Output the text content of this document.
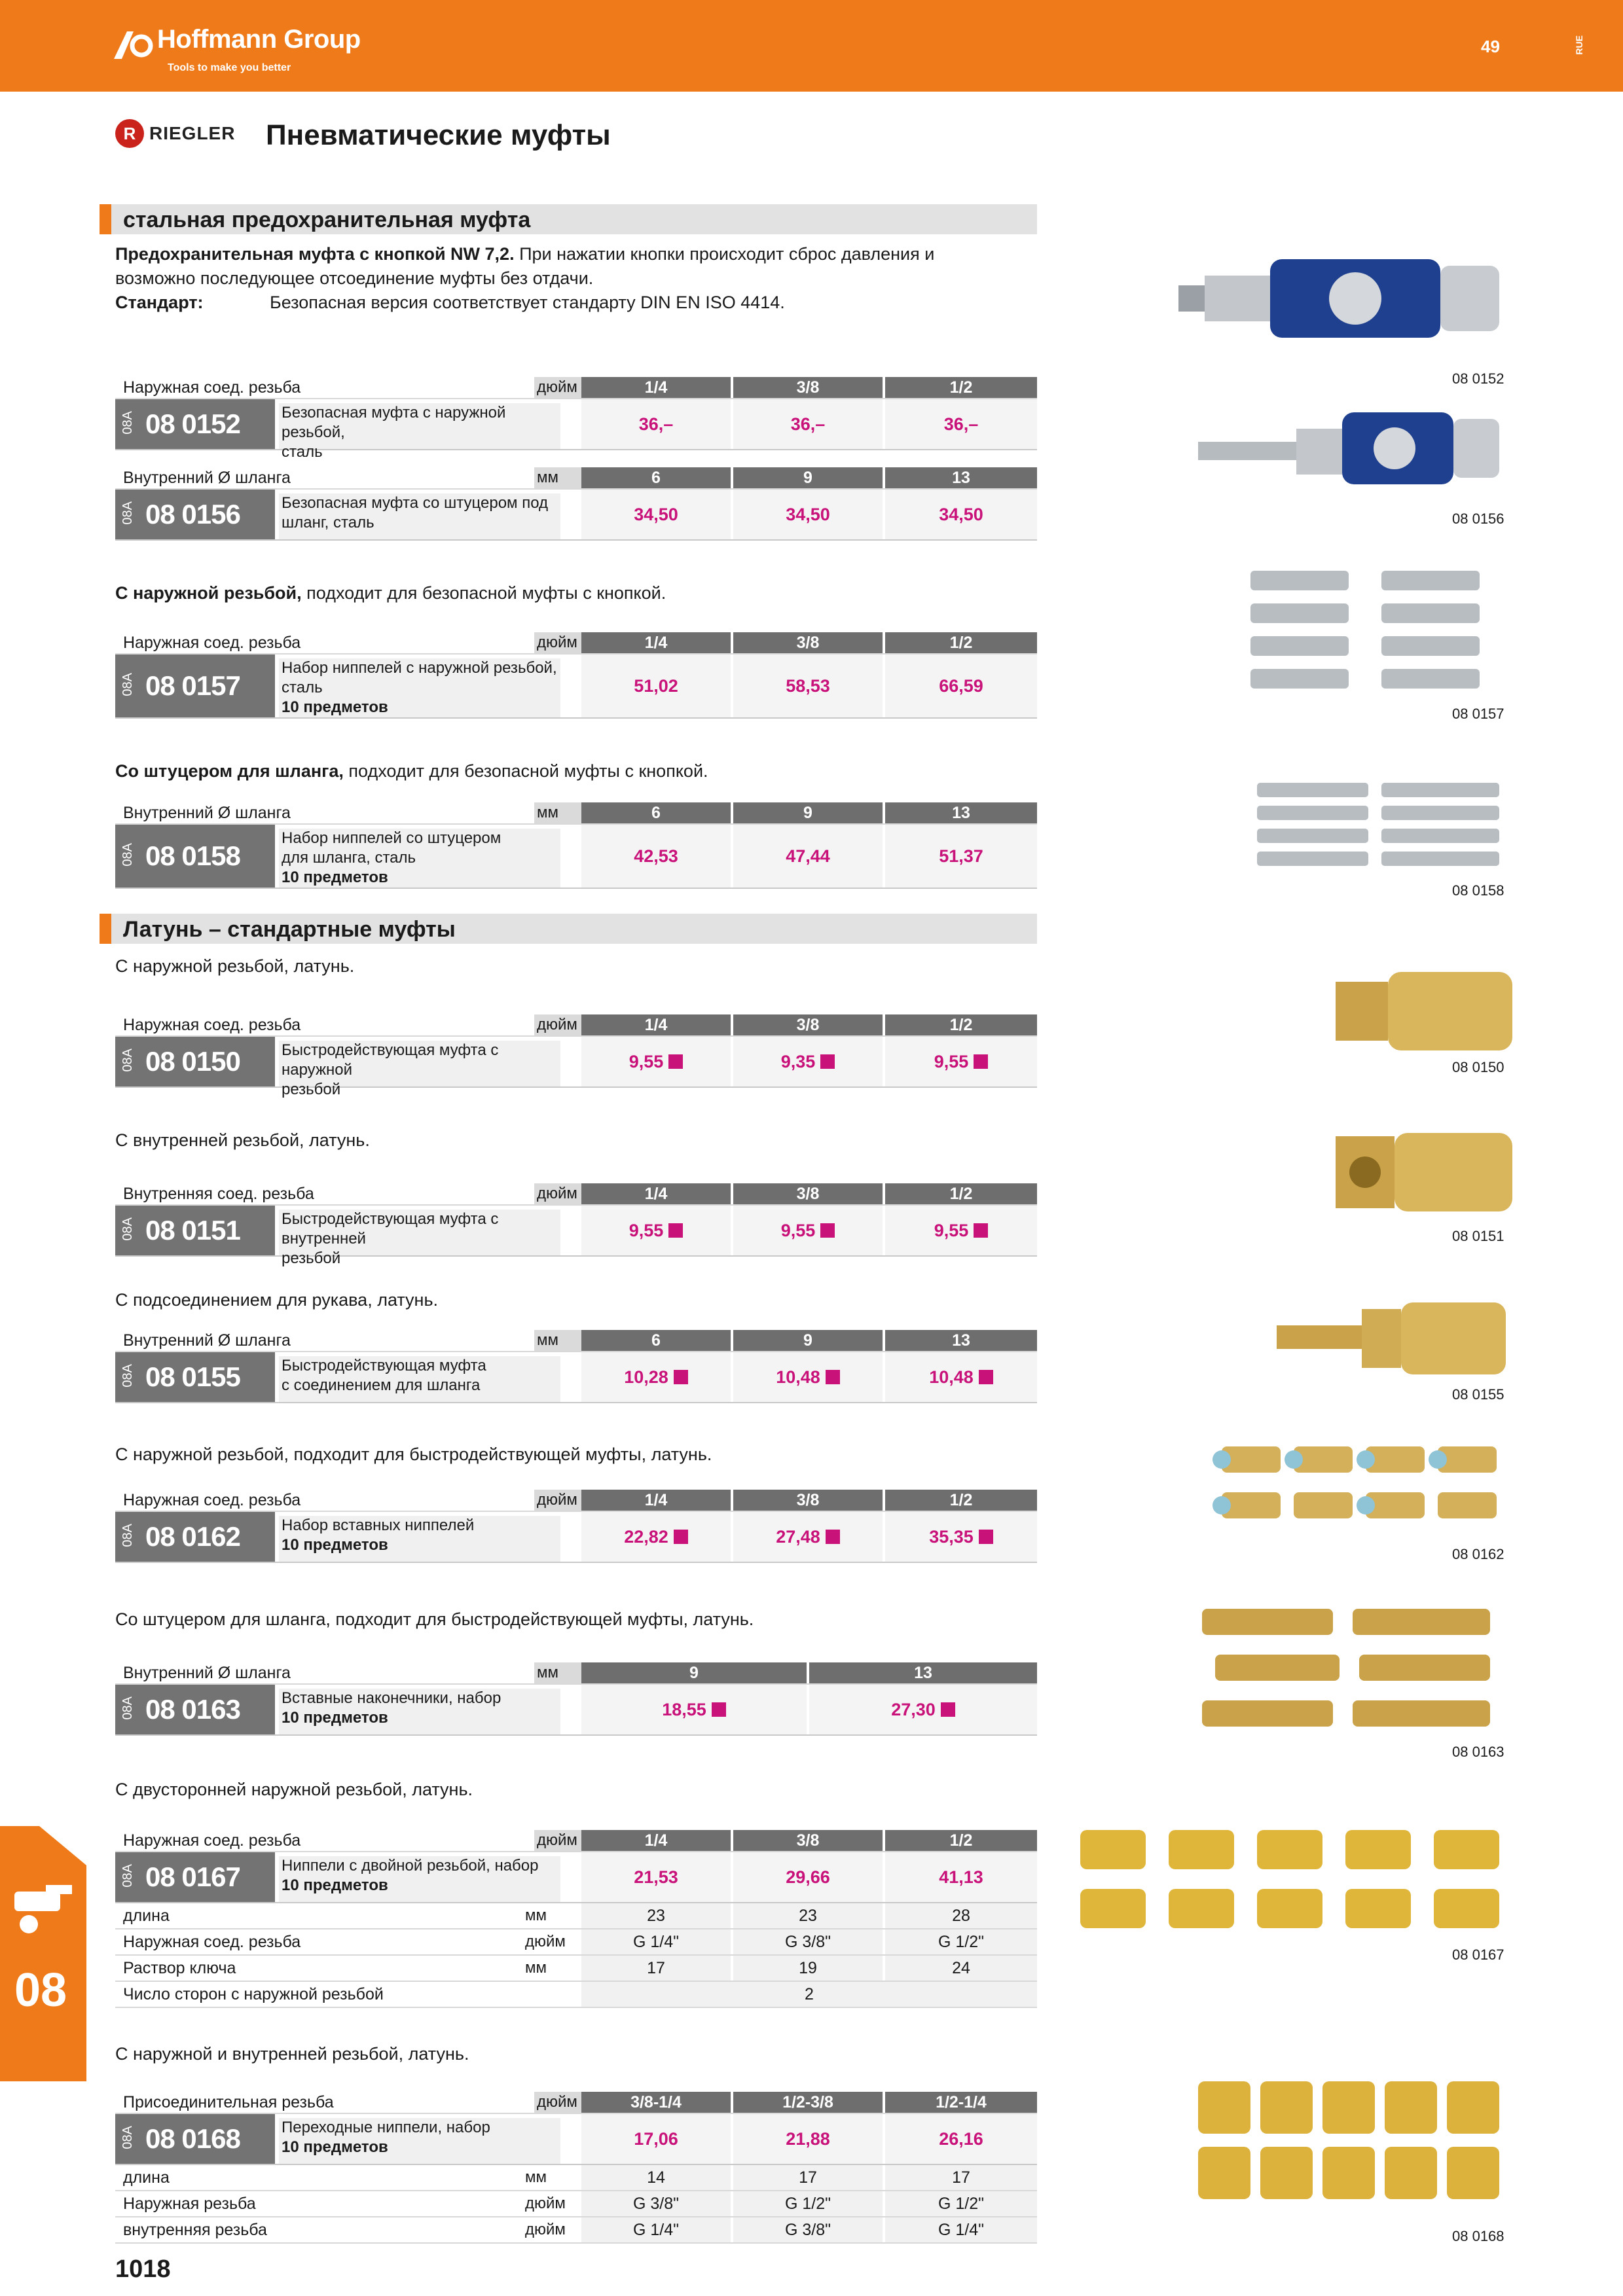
Hoffmann Group
Tools to make you better
49	RUE
R RIEGLER Пневматические муфты
стальная предохранительная муфта
Предохранительная муфта с кнопкой NW 7,2. При нажатии кнопки происходит сброс давления и
возможно последующее отсоединение муфты без отдачи.
Стандарт:	Безопасная версия соответствует стандарту DIN EN ISO 4414.
Наружная соед. резьба	дюйм	1/4	3/8	1/2
08A 08 0152	Безопасная муфта с наружной резьбой,
сталь
36,–	36,–	36,–
Внутренний Ø шланга	мм	6	9	13
08A 08 0156	Безопасная муфта со штуцером под
шланг, сталь	34,50	34,50	34,50
С наружной резьбой, подходит для безопасной муфты с кнопкой.
Наружная соед. резьба	дюйм	1/4	3/8	1/2
08A 08 0157
Набор ниппелей с наружной резьбой,
сталь
10 предметов
51,02	58,53	66,59
Со штуцером для шланга, подходит для безопасной муфты с кнопкой.
Внутренний Ø шланга	мм	6	9	13
08A 08 0158
Набор ниппелей со штуцером
для шланга, сталь
10 предметов
42,53	47,44	51,37
Латунь – стандартные муфты
С наружной резьбой, латунь.
Наружная соед. резьба	дюйм	1/4	3/8	1/2
08A 08 0150	Быстродействующая муфта с наружной
резьбой
9,55	9,35	9,55
С внутренней резьбой, латунь.
Внутренняя соед. резьба	дюйм	1/4	3/8	1/2
08A 08 0151	Быстродействующая муфта с внутренней
резьбой
9,55	9,55	9,55
С подсоединением для рукава, латунь.
Внутренний Ø шланга	мм	6	9	13
08A 08 0155	Быстродействующая муфта
с соединением для шланга	10,28	10,48	10,48
С наружной резьбой, подходит для быстродействующей муфты, латунь.
Наружная соед. резьба	дюйм	1/4	3/8	1/2
08A 08 0162	Набор вставных ниппелей
10 предметов	22,82	27,48	35,35
Со штуцером для шланга, подходит для быстродействующей муфты, латунь.
Внутренний Ø шланга	мм	9	13
08A 08 0163	Вставные наконечники, набор
10 предметов	18,55	27,30
С двусторонней наружной резьбой, латунь.
Наружная соед. резьба	дюйм	1/4	3/8	1/2
08A 08 0167	Ниппели с двойной резьбой, набор
10 предметов	21,53	29,66	41,13
длина	мм	23	23	28
Наружная соед. резьба	дюйм	G 1/4"	G 3/8"	G 1/2"
Раствор ключа	мм	17	19	24
Число сторон с наружной резьбой	2
С наружной и внутренней резьбой, латунь.
Присоединительная резьба	дюйм	3/8-1/4	1/2-3/8	1/2-1/4
08A 08 0168	Переходные ниппели, набор
10 предметов	17,06	21,88	26,16
длина	мм	14	17	17
Наружная резьба	дюйм	G 3/8"	G 1/2"	G 1/2"
внутренняя резьба	дюйм	G 1/4"	G 3/8"	G 1/4"
08 0152
08 0156
08 0157
08 0158
08 0150
08 0151
08 0155
08 0162
08 0163
08 0167
08 0168
08
1018
